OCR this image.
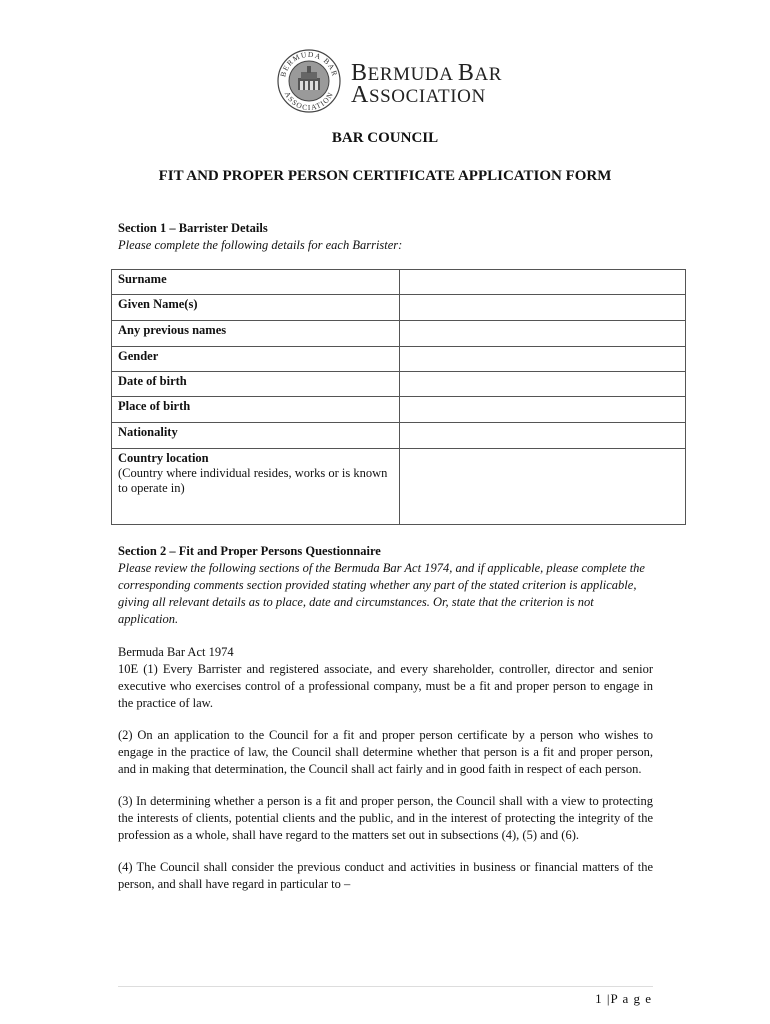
BERMUDA BAR
ASSOCIATION
BERMUDA BAR
ASSOCIATION
BAR COUNCIL
FIT AND PROPER PERSON CERTIFICATE APPLICATION FORM
Section 1 – Barrister Details
Please complete the following details for each Barrister:
Surname	
Given Name(s)	
Any previous names	
Gender	
Date of birth	
Place of birth	
Nationality	

Country location
(Country where individual resides, works or is known to operate in)	

Section 2 – Fit and Proper Persons Questionnaire
Please review the following sections of the Bermuda Bar Act 1974, and if applicable, please complete the corresponding comments section provided stating whether any part of the stated criterion is applicable, giving all relevant details as to place, date and circumstances. Or, state that the criterion is not application.
Bermuda Bar Act 1974

10E (1) Every Barrister and registered associate, and every shareholder, controller, director and senior executive who exercises control of a professional company, must be a fit and proper person to engage in the practice of law.

(2) On an application to the Council for a fit and proper person certificate by a person who wishes to engage in the practice of law, the Council shall determine whether that person is a fit and proper person, and in making that determination, the Council shall act fairly and in good faith in respect of each person.

(3) In determining whether a person is a fit and proper person, the Council shall with a view to protecting the interests of clients, potential clients and the public, and in the interest of protecting the integrity of the profession as a whole, shall have regard to the matters set out in subsections (4), (5) and (6).

(4) The Council shall consider the previous conduct and activities in business or financial matters of the person, and shall have regard in particular to –

1 |P a g e
